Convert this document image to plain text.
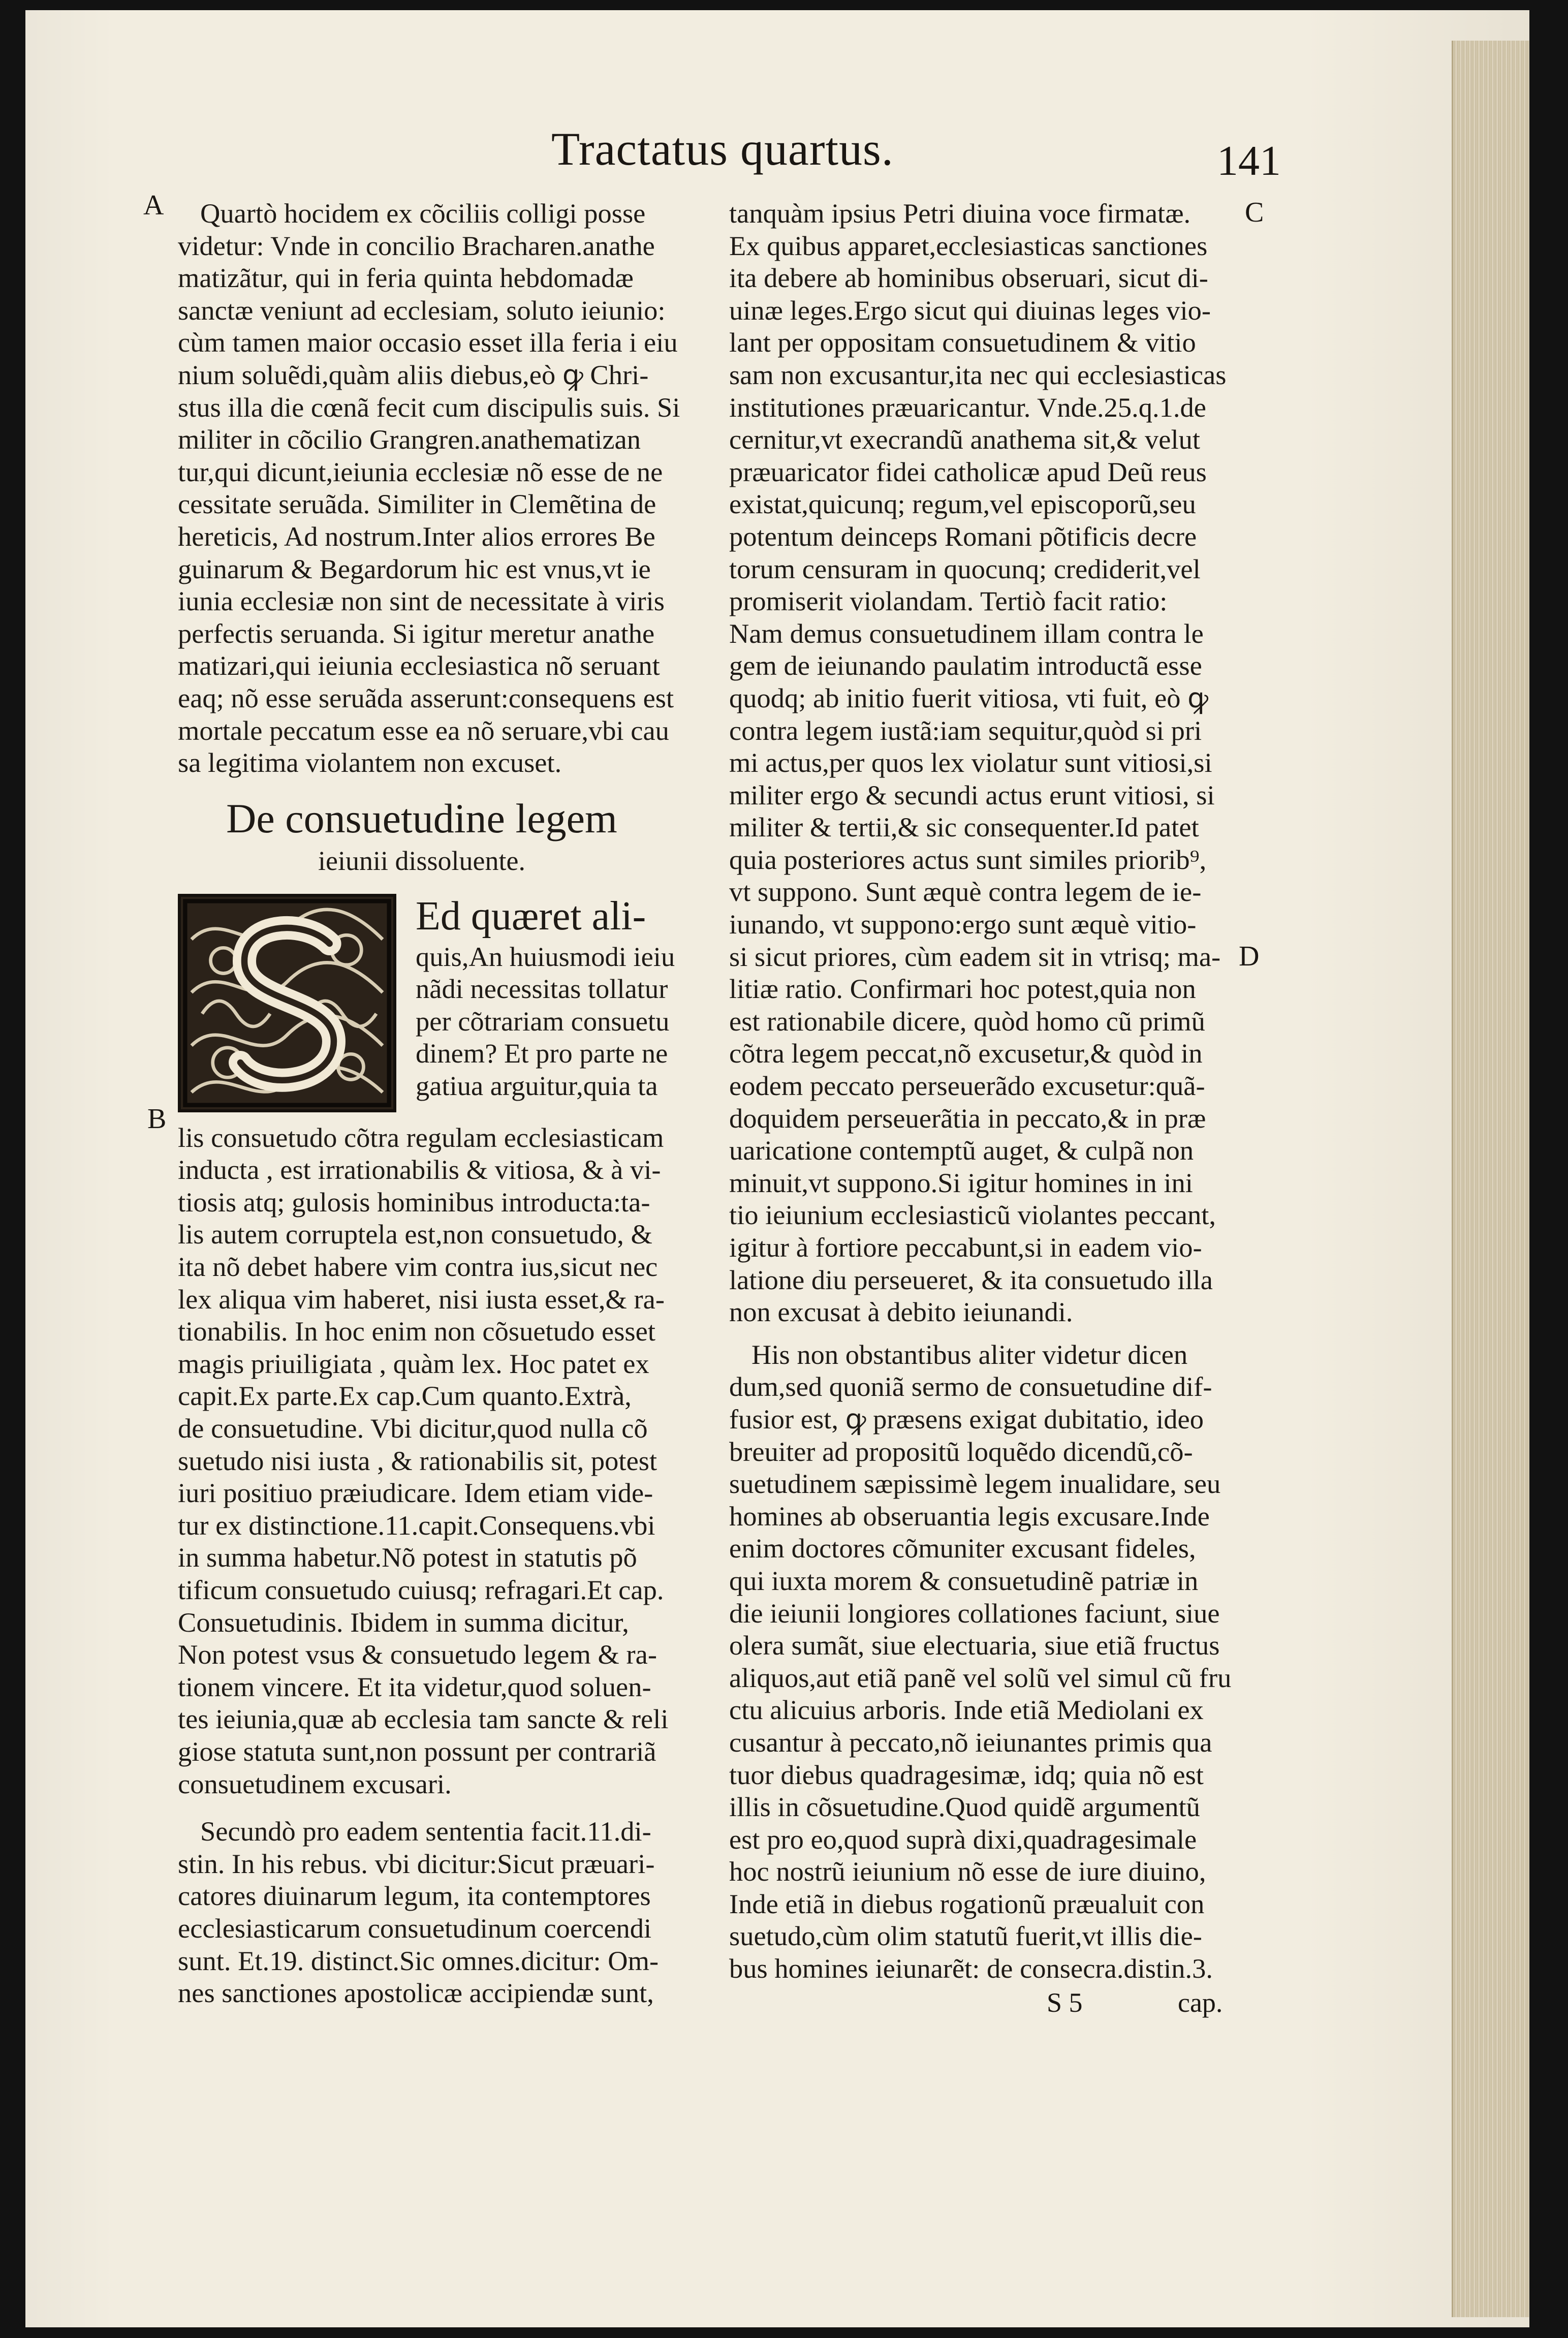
Tractatus quartus.	141
A
B
C
D

Quartò hocidem ex cõciliis colligi posse
videtur: Vnde in concilio Bracharen.anathe
matizãtur, qui in feria quinta hebdomadæ
sanctæ veniunt ad ecclesiam, soluto ieiunio:
cùm tamen maior occasio esset illa feria i eiu
nium soluẽdi,quàm aliis diebus,eò ꝙ Chri-
stus illa die cœnã fecit cum discipulis suis. Si
militer in cõcilio Grangren.anathematizan
tur,qui dicunt,ieiunia ecclesiæ nõ esse de ne
cessitate seruãda. Similiter in Clemẽtina de
hereticis, Ad nostrum.Inter alios errores Be
guinarum & Begardorum hic est vnus,vt ie
iunia ecclesiæ non sint de necessitate à viris
perfectis seruanda. Si igitur meretur anathe
matizari,qui ieiunia ecclesiastica nõ seruant
eaq; nõ esse seruãda asserunt:consequens est
mortale peccatum esse ea nõ seruare,vbi cau
sa legitima violantem non excuset.

De consuetudine legem
ieiunii dissoluente.
Ed quæret ali-
quis,An huiusmodi ieiu
nãdi necessitas tollatur
per cõtrariam consuetu
dinem? Et pro parte ne
gatiua arguitur,quia ta

lis consuetudo cõtra regulam ecclesiasticam
inducta , est irrationabilis & vitiosa, & à vi-
tiosis atq; gulosis hominibus introducta:ta-
lis autem corruptela est,non consuetudo, &
ita nõ debet habere vim contra ius,sicut nec
lex aliqua vim haberet, nisi iusta esset,& ra-
tionabilis. In hoc enim non cõsuetudo esset
magis priuiligiata , quàm lex. Hoc patet ex
capit.Ex parte.Ex cap.Cum quanto.Extrà,
de consuetudine. Vbi dicitur,quod nulla cõ
suetudo nisi iusta , & rationabilis sit, potest
iuri positiuo præiudicare. Idem etiam vide-
tur ex distinctione.11.capit.Consequens.vbi
in summa habetur.Nõ potest in statutis põ
tificum consuetudo cuiusq; refragari.Et cap.
Consuetudinis. Ibidem in summa dicitur,
Non potest vsus & consuetudo legem & ra-
tionem vincere. Et ita videtur,quod soluen-
tes ieiunia,quæ ab ecclesia tam sancte & reli
giose statuta sunt,non possunt per contrariã
consuetudinem excusari.

Secundò pro eadem sententia facit.11.di-
stin. In his rebus. vbi dicitur:Sicut præuari-
catores diuinarum legum, ita contemptores
ecclesiasticarum consuetudinum coercendi
sunt. Et.19. distinct.Sic omnes.dicitur: Om-
nes sanctiones apostolicæ accipiendæ sunt,

tanquàm ipsius Petri diuina voce firmatæ.
Ex quibus apparet,ecclesiasticas sanctiones
ita debere ab hominibus obseruari, sicut di-
uinæ leges.Ergo sicut qui diuinas leges vio-
lant per oppositam consuetudinem & vitio
sam non excusantur,ita nec qui ecclesiasticas
institutiones præuaricantur. Vnde.25.q.1.de
cernitur,vt execrandũ anathema sit,& velut
præuaricator fidei catholicæ apud Deũ reus
existat,quicunq; regum,vel episcoporũ,seu
potentum deinceps Romani põtificis decre
torum censuram in quocunq; crediderit,vel
promiserit violandam. Tertiò facit ratio:
Nam demus consuetudinem illam contra le
gem de ieiunando paulatim introductã esse
quodq; ab initio fuerit vitiosa, vti fuit, eò ꝙ
contra legem iustã:iam sequitur,quòd si pri
mi actus,per quos lex violatur sunt vitiosi,si
militer ergo & secundi actus erunt vitiosi, si
militer & tertii,& sic consequenter.Id patet
quia posteriores actus sunt similes priorib⁹,
vt suppono. Sunt æquè contra legem de ie-
iunando, vt suppono:ergo sunt æquè vitio-
si sicut priores, cùm eadem sit in vtrisq; ma-
litiæ ratio. Confirmari hoc potest,quia non
est rationabile dicere, quòd homo cũ primũ
cõtra legem peccat,nõ excusetur,& quòd in
eodem peccato perseuerãdo excusetur:quã-
doquidem perseuerãtia in peccato,& in præ
uaricatione contemptũ auget, & culpã non
minuit,vt suppono.Si igitur homines in ini
tio ieiunium ecclesiasticũ violantes peccant,
igitur à fortiore peccabunt,si in eadem vio-
latione diu perseueret, & ita consuetudo illa
non excusat à debito ieiunandi.

His non obstantibus aliter videtur dicen
dum,sed quoniã sermo de consuetudine dif-
fusior est, ꝙ præsens exigat dubitatio, ideo
breuiter ad propositũ loquẽdo dicendũ,cõ-
suetudinem sæpissimè legem inualidare, seu
homines ab obseruantia legis excusare.Inde
enim doctores cõmuniter excusant fideles,
qui iuxta morem & consuetudinẽ patriæ in
die ieiunii longiores collationes faciunt, siue
olera sumãt, siue electuaria, siue etiã fructus
aliquos,aut etiã panẽ vel solũ vel simul cũ fru
ctu alicuius arboris. Inde etiã Mediolani ex
cusantur à peccato,nõ ieiunantes primis qua
tuor diebus quadragesimæ, idq; quia nõ est
illis in cõsuetudine.Quod quidẽ argumentũ
est pro eo,quod suprà dixi,quadragesimale
hoc nostrũ ieiunium nõ esse de iure diuino,
Inde etiã in diebus rogationũ præualuit con
suetudo,cùm olim statutũ fuerit,vt illis die-
bus homines ieiunarẽt: de consecra.distin.3.

S 5	cap.
